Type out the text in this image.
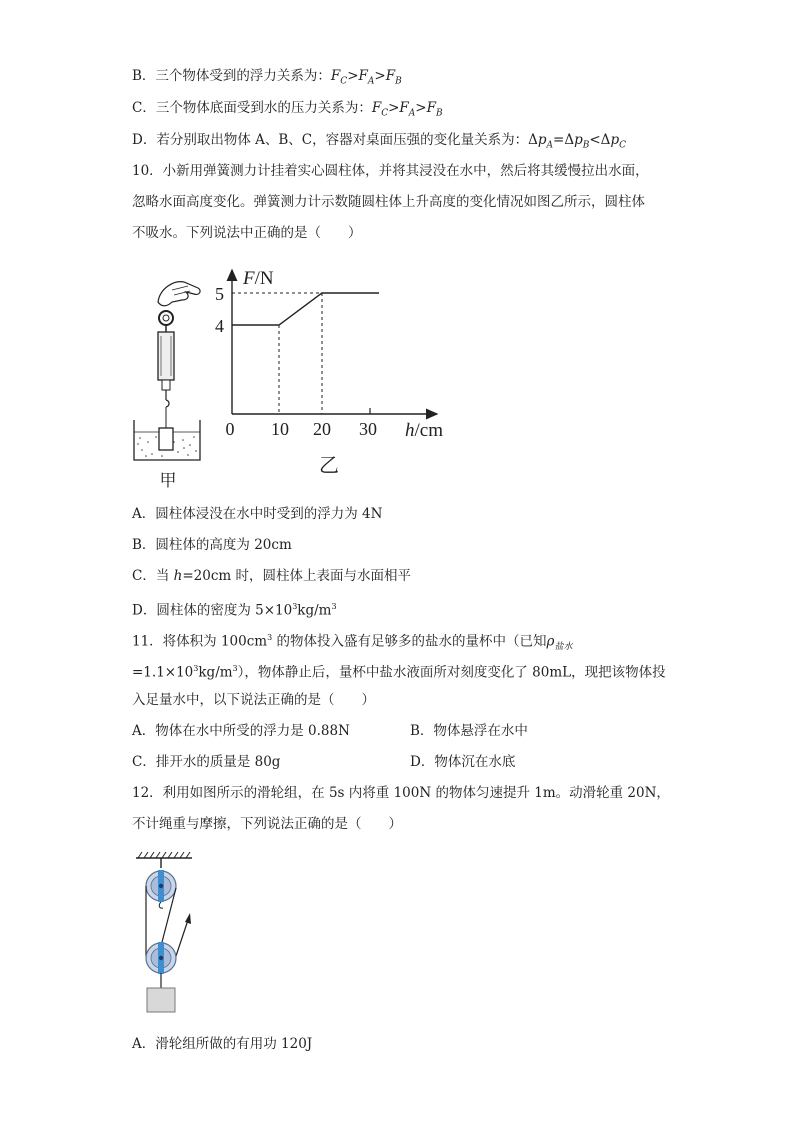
B．三个物体受到的浮力关系为：$F_C>F_A>F_B$
C．三个物体底面受到水的压力关系为：$F_C>F_A>F_B$
D．若分别取出物体 A、B、C，容器对桌面压强的变化量关系为：$\Delta p_A=\Delta p_B<\Delta p_C$
10．小新用弹簧测力计挂着实心圆柱体，并将其浸没在水中，然后将其缓慢拉出水面，
忽略水面高度变化。弹簧测力计示数随圆柱体上升高度的变化情况如图乙所示，圆柱体
不吸水。下列说法中正确的是（　　）
甲
F/N
h/cm
5
4
0 10 20 30
乙
A．圆柱体浸没在水中时受到的浮力为 4N
B．圆柱体的高度为 20cm
C．当 h=20cm 时，圆柱体上表面与水面相平
D．圆柱体的密度为 $5\times 10^3kg/m^3$
11．将体积为 $100cm^3$ 的物体投入盛有足够多的盐水的量杯中（已知$\rho_{盐水}$
$=1.1\times 10^3kg/m^3$），物体静止后，量杯中盐水液面所对刻度变化了 80mL，现把该物体投
入足量水中，以下说法正确的是（　　）
A．物体在水中所受的浮力是 0.88N	B．物体悬浮在水中
C．排开水的质量是 80g	D．物体沉在水底
12．利用如图所示的滑轮组，在 5s 内将重 100N 的物体匀速提升 1m。动滑轮重 20N，
不计绳重与摩擦，下列说法正确的是（　　）
A．滑轮组所做的有用功 120J
